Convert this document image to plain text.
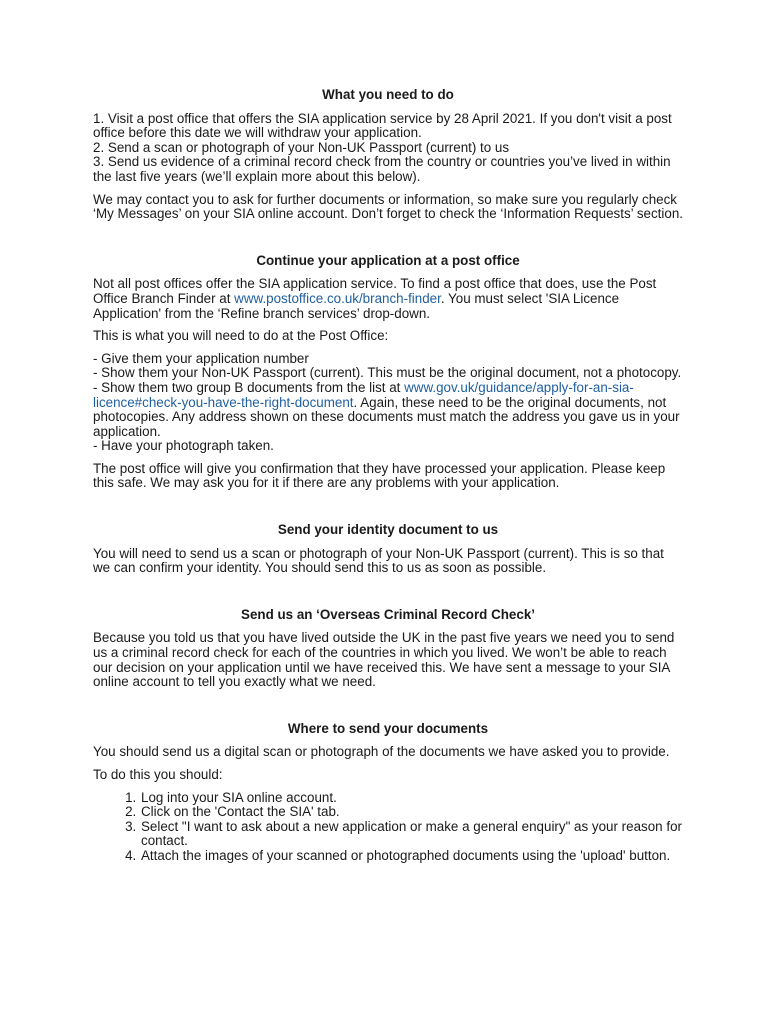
What you need to do
1. Visit a post office that offers the SIA application service by 28 April 2021. If you don't visit a post office before this date we will withdraw your application.
2. Send a scan or photograph of your Non-UK Passport (current) to us
3. Send us evidence of a criminal record check from the country or countries you’ve lived in within the last five years (we’ll explain more about this below).

We may contact you to ask for further documents or information, so make sure you regularly check ‘My Messages’ on your SIA online account. Don’t forget to check the ‘Information Requests’ section.

Continue your application at a post office

Not all post offices offer the SIA application service. To find a post office that does, use the Post Office Branch Finder at www.postoffice.co.uk/branch-finder. You must select 'SIA Licence Application' from the ‘Refine branch services’ drop-down.

This is what you will need to do at the Post Office:

- Give them your application number
- Show them your Non-UK Passport (current). This must be the original document, not a photocopy.
- Show them two group B documents from the list at www.gov.uk/guidance/apply-for-an-sia-licence#check-you-have-the-right-document. Again, these need to be the original documents, not photocopies. Any address shown on these documents must match the address you gave us in your application.
- Have your photograph taken.

The post office will give you confirmation that they have processed your application. Please keep this safe. We may ask you for it if there are any problems with your application.

Send your identity document to us

You will need to send us a scan or photograph of your Non-UK Passport (current). This is so that we can confirm your identity. You should send this to us as soon as possible.

Send us an ‘Overseas Criminal Record Check’

Because you told us that you have lived outside the UK in the past five years we need you to send us a criminal record check for each of the countries in which you lived. We won’t be able to reach our decision on your application until we have received this. We have sent a message to your SIA online account to tell you exactly what we need.

Where to send your documents

You should send us a digital scan or photograph of the documents we have asked you to provide.

To do this you should:

1. Log into your SIA online account.
2. Click on the 'Contact the SIA' tab.
3. Select "I want to ask about a new application or make a general enquiry" as your reason for contact.
4. Attach the images of your scanned or photographed documents using the 'upload' button.
